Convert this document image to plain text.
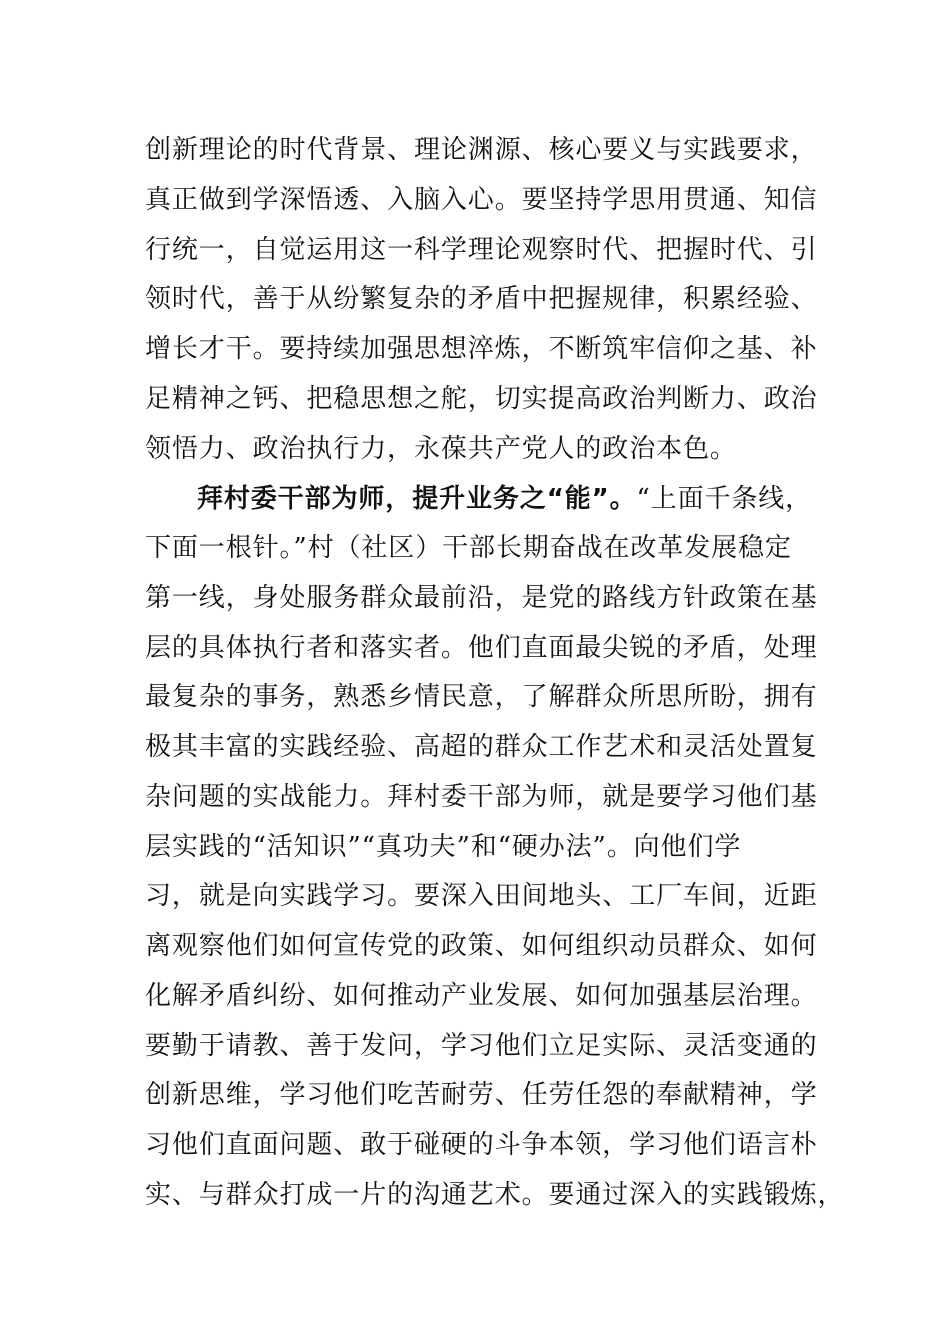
创新理论的时代背景、理论渊源、核心要义与实践要求，
真正做到学深悟透、入脑入心。要坚持学思用贯通、知信
行统一，自觉运用这一科学理论观察时代、把握时代、引
领时代，善于从纷繁复杂的矛盾中把握规律，积累经验、
增长才干。要持续加强思想淬炼，不断筑牢信仰之基、补
足精神之钙、把稳思想之舵，切实提高政治判断力、政治
领悟力、政治执行力，永葆共产党人的政治本色。
拜村委干部为师，提升业务之“能”。“上面千条线，
下面一根针。”村（社区）干部长期奋战在改革发展稳定
第一线，身处服务群众最前沿，是党的路线方针政策在基
层的具体执行者和落实者。他们直面最尖锐的矛盾，处理
最复杂的事务，熟悉乡情民意，了解群众所思所盼，拥有
极其丰富的实践经验、高超的群众工作艺术和灵活处置复
杂问题的实战能力。拜村委干部为师，就是要学习他们基
层实践的“活知识”“真功夫”和“硬办法”。向他们学
习，就是向实践学习。要深入田间地头、工厂车间，近距
离观察他们如何宣传党的政策、如何组织动员群众、如何
化解矛盾纠纷、如何推动产业发展、如何加强基层治理。
要勤于请教、善于发问，学习他们立足实际、灵活变通的
创新思维，学习他们吃苦耐劳、任劳任怨的奉献精神，学
习他们直面问题、敢于碰硬的斗争本领，学习他们语言朴
实、与群众打成一片的沟通艺术。要通过深入的实践锻炼，
